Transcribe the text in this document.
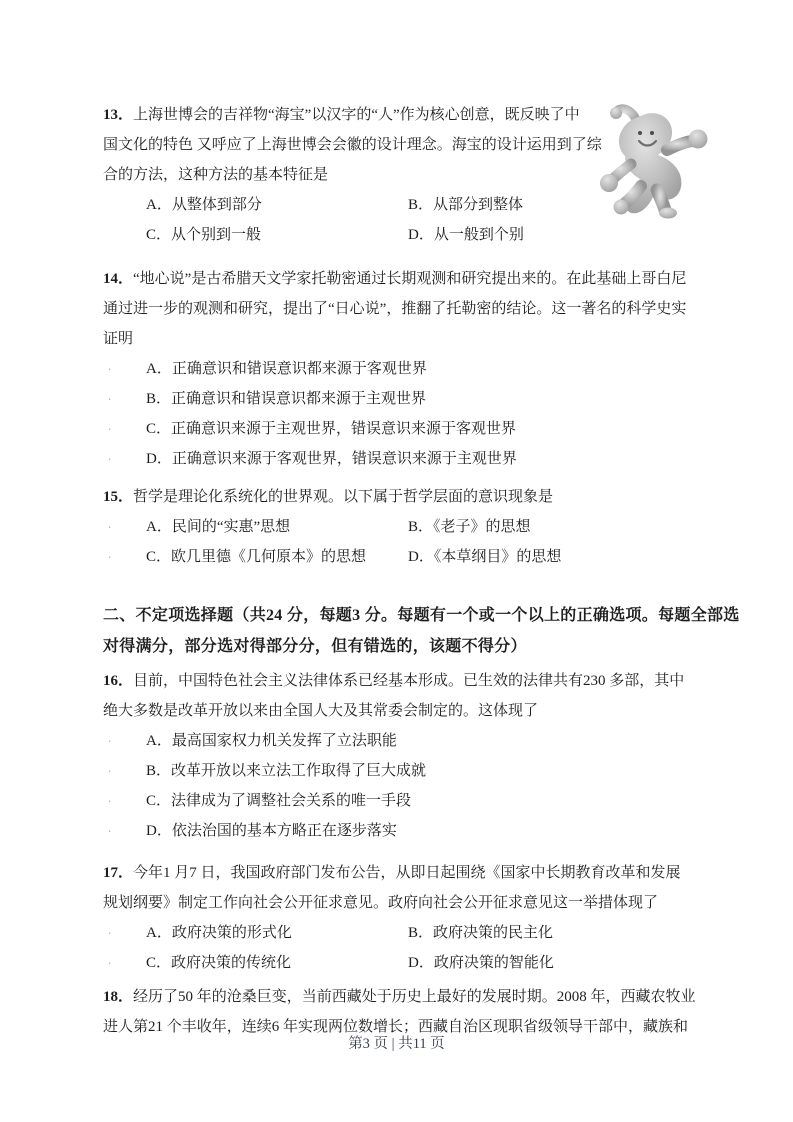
13．上海世博会的吉祥物“海宝”以汉字的“人”作为核心创意，既反映了中
国文化的特色 又呼应了上海世博会会徽的设计理念。海宝的设计运用到了综
合的方法，这种方法的基本特征是
A．从整体到部分	B．从部分到整体
C．从个别到一般	D．从一般到个别
14．“地心说”是古希腊天文学家托勒密通过长期观测和研究提出来的。在此基础上哥白尼
通过进一步的观测和研究，提出了“日心说”，推翻了托勒密的结论。这一著名的科学史实
证明
. A．正确意识和错误意识都来源于客观世界
. B．正确意识和错误意识都来源于主观世界
. C．正确意识来源于主观世界，错误意识来源于客观世界
. D．正确意识来源于客观世界，错误意识来源于主观世界
15．哲学是理论化系统化的世界观。以下属于哲学层面的意识现象是
. A．民间的“实惠”思想	B．《老子》的思想
. C．欧几里德《几何原本》的思想	D．《本草纲目》的思想
二、不定项选择题（共24 分，每题3 分。每题有一个或一个以上的正确选项。每题全部选
对得满分，部分选对得部分分，但有错选的，该题不得分）
16．目前，中国特色社会主义法律体系已经基本形成。已生效的法律共有230 多部，其中
绝大多数是改革开放以来由全国人大及其常委会制定的。这体现了
. A．最高国家权力机关发挥了立法职能
. B．改革开放以来立法工作取得了巨大成就
. C．法律成为了调整社会关系的唯一手段
. D．依法治国的基本方略正在逐步落实
17．今年1 月7 日，我国政府部门发布公告，从即日起围绕《国家中长期教育改革和发展
规划纲要》制定工作向社会公开征求意见。政府向社会公开征求意见这一举措体现了
. A．政府决策的形式化	B．政府决策的民主化
. C．政府决策的传统化	D．政府决策的智能化
18．经历了50 年的沧桑巨变，当前西藏处于历史上最好的发展时期。2008 年，西藏农牧业
进人第21 个丰收年，连续6 年实现两位数增长；西藏自治区现职省级领导干部中，藏族和
第3 页 | 共11 页
